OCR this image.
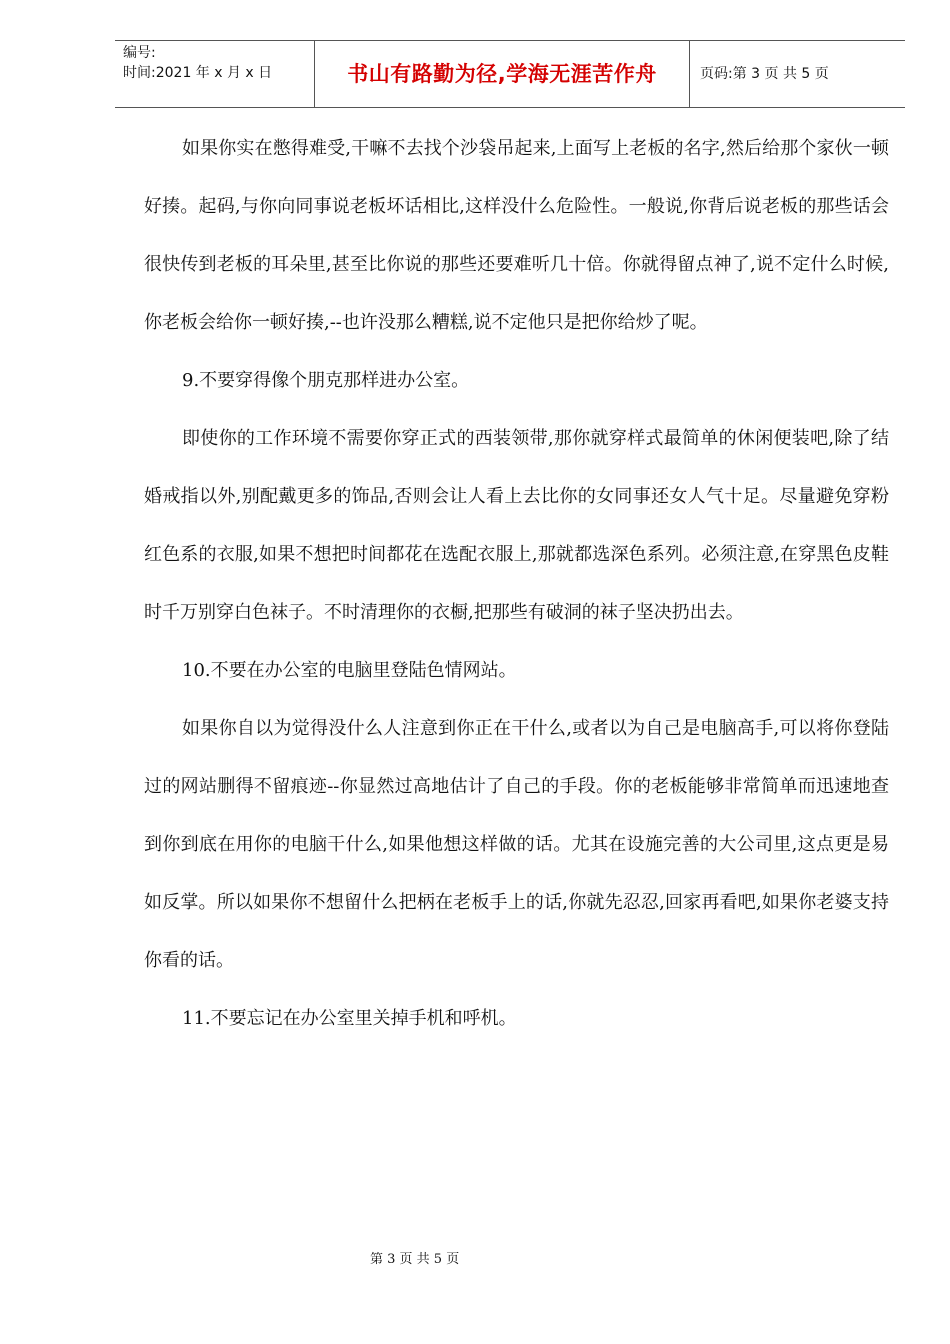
编号:
时间:2021 年 x 月 x 日	书山有路勤为径,学海无涯苦作舟	页码:第 3 页 共 5 页

如果你实在憋得难受,干嘛不去找个沙袋吊起来,上面写上老板的名字,然后给那个家伙一顿好揍。起码,与你向同事说老板坏话相比,这样没什么危险性。一般说,你背后说老板的那些话会很快传到老板的耳朵里,甚至比你说的那些还要难听几十倍。你就得留点神了,说不定什么时候,你老板会给你一顿好揍,--也许没那么糟糕,说不定他只是把你给炒了呢。

9.不要穿得像个朋克那样进办公室。

即使你的工作环境不需要你穿正式的西装领带,那你就穿样式最简单的休闲便装吧,除了结婚戒指以外,别配戴更多的饰品,否则会让人看上去比你的女同事还女人气十足。尽量避免穿粉红色系的衣服,如果不想把时间都花在选配衣服上,那就都选深色系列。必须注意,在穿黑色皮鞋时千万别穿白色袜子。不时清理你的衣橱,把那些有破洞的袜子坚决扔出去。

10.不要在办公室的电脑里登陆色情网站。

如果你自以为觉得没什么人注意到你正在干什么,或者以为自己是电脑高手,可以将你登陆过的网站删得不留痕迹--你显然过高地估计了自己的手段。你的老板能够非常简单而迅速地查到你到底在用你的电脑干什么,如果他想这样做的话。尤其在设施完善的大公司里,这点更是易如反掌。所以如果你不想留什么把柄在老板手上的话,你就先忍忍,回家再看吧,如果你老婆支持你看的话。

11.不要忘记在办公室里关掉手机和呼机。

第 3 页 共 5 页
